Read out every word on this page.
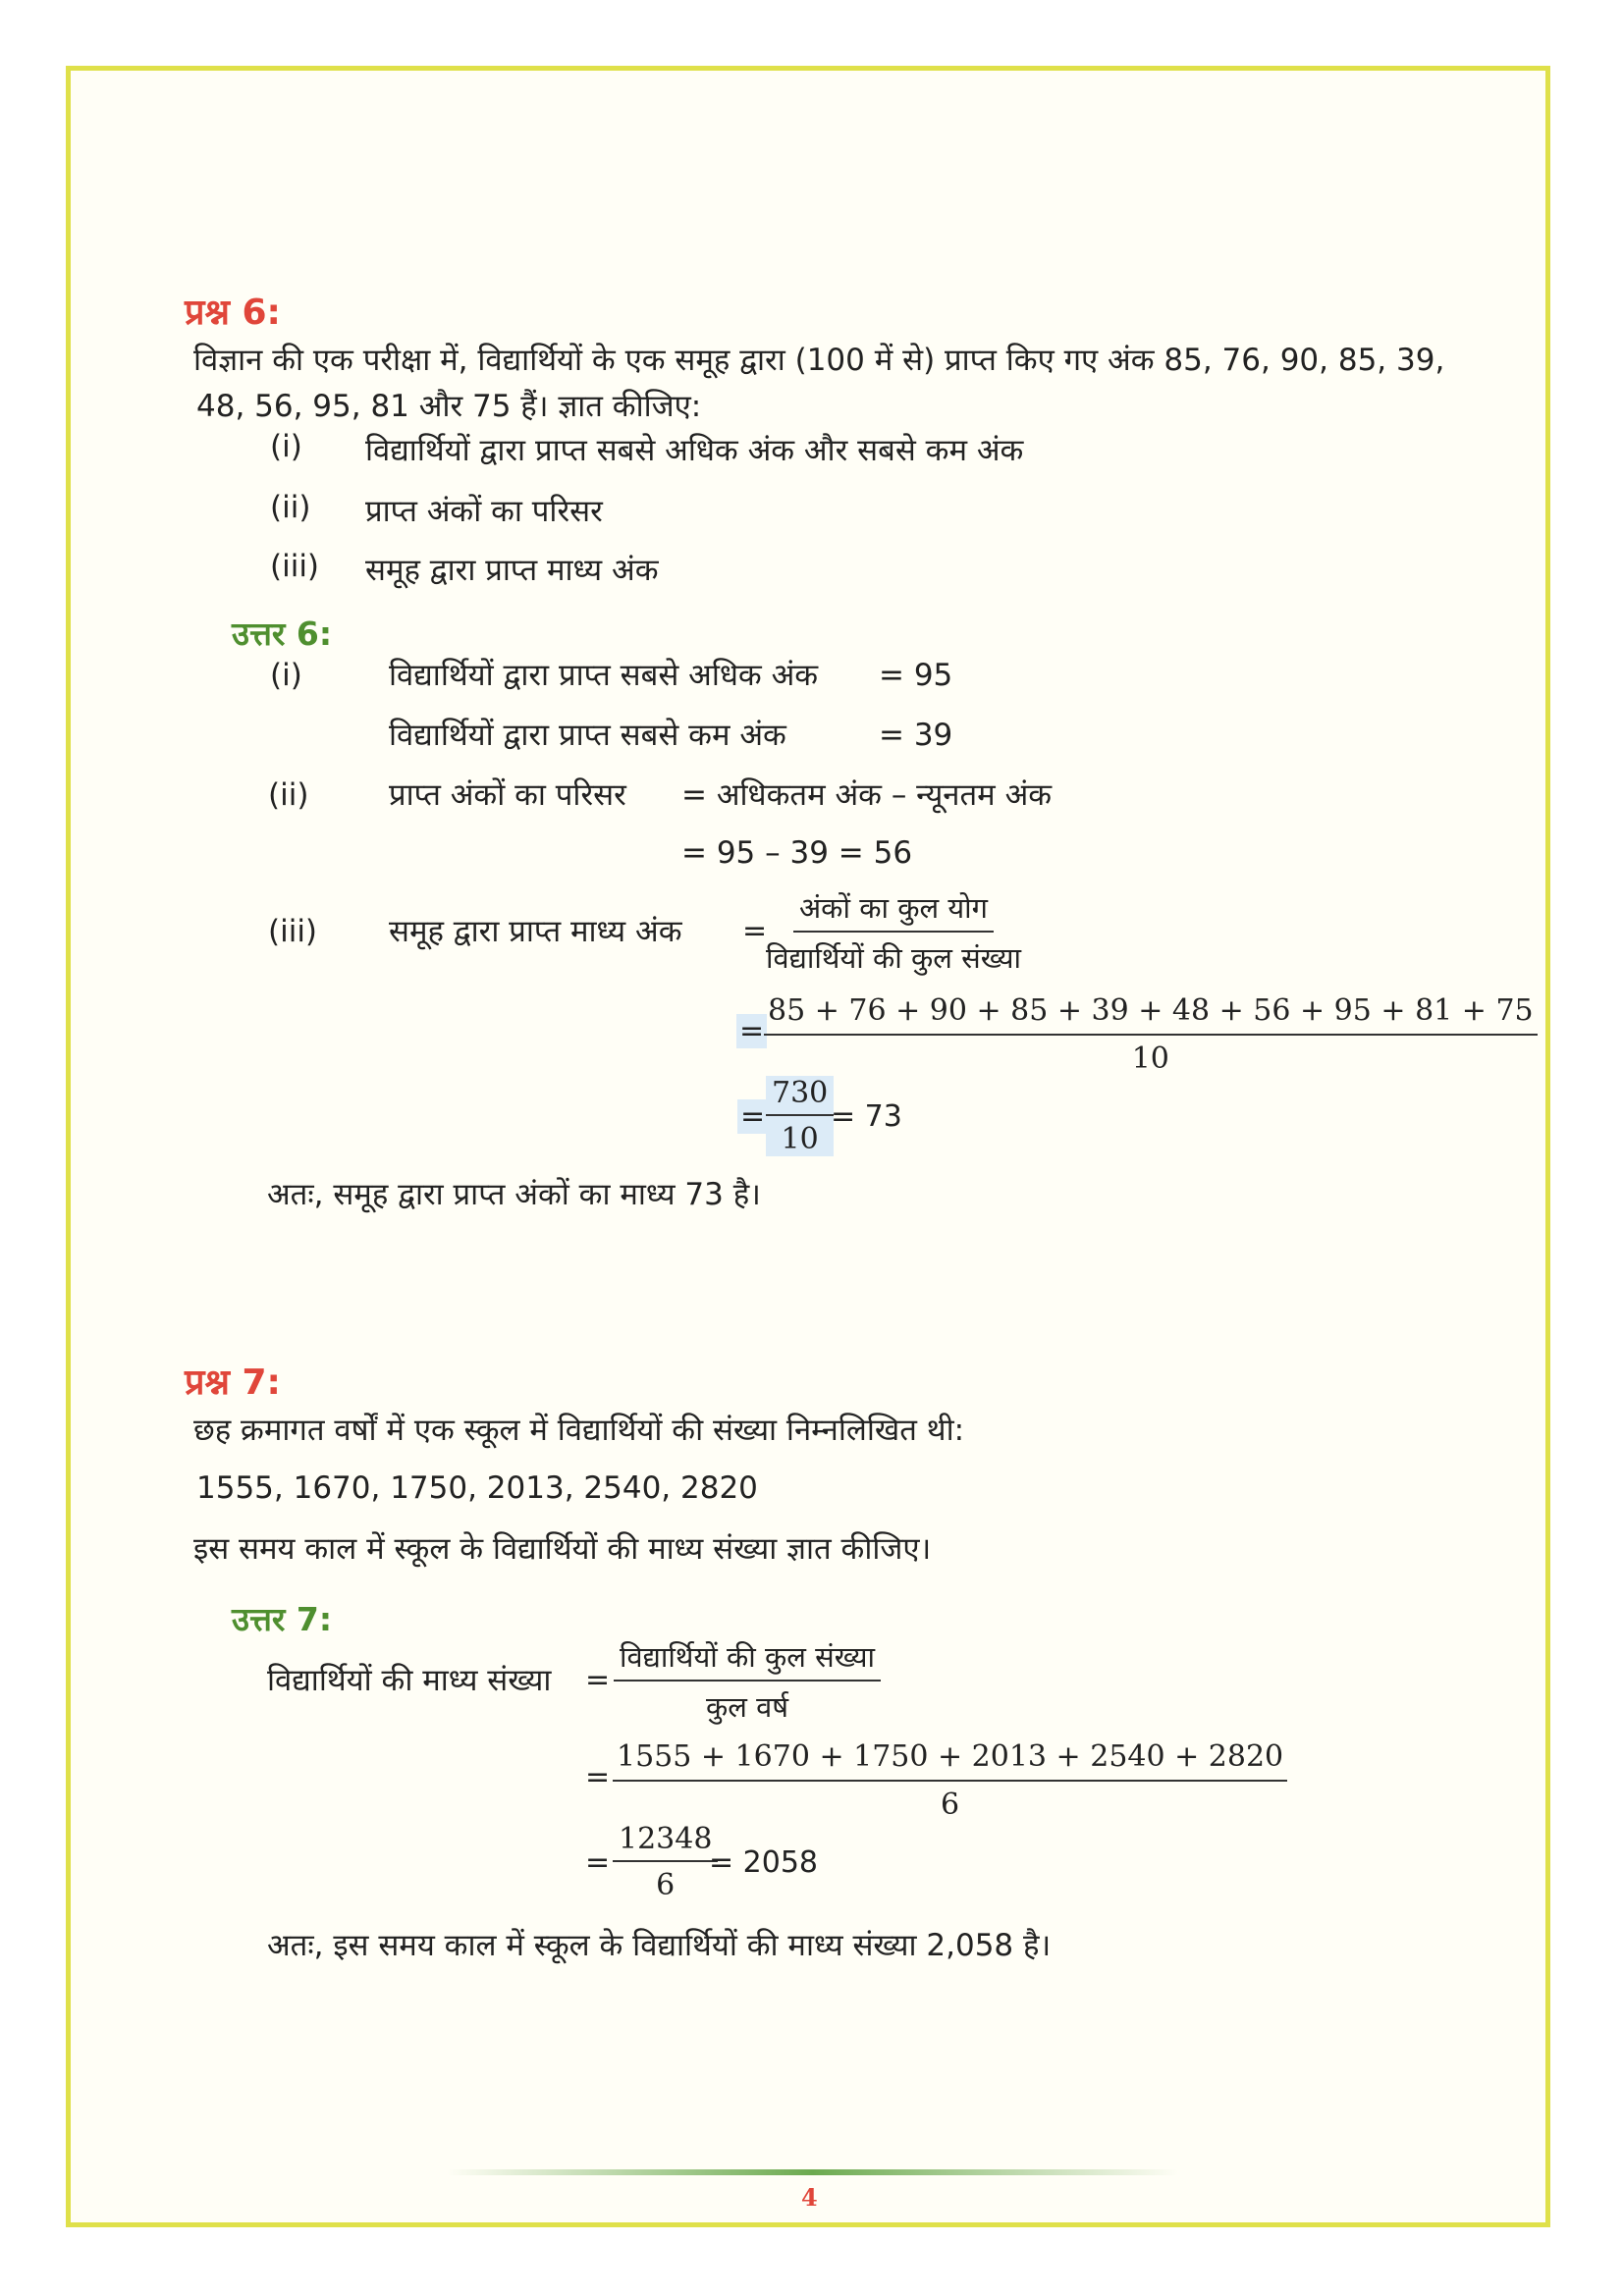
प्रश्न 6:
विज्ञान की एक परीक्षा में, विद्यार्थियों के एक समूह द्वारा (100 में से) प्राप्त किए गए अंक 85, 76, 90, 85, 39,
48, 56, 95, 81 और 75 हैं। ज्ञात कीजिए:
(i) विद्यार्थियों द्वारा प्राप्त सबसे अधिक अंक और सबसे कम अंक
(ii) प्राप्त अंकों का परिसर
(iii) समूह द्वारा प्राप्त माध्य अंक
उत्तर 6:
(i)	विद्यार्थियों द्वारा प्राप्त सबसे अधिक अंक = 95
विद्यार्थियों द्वारा प्राप्त सबसे कम अंक	= 39
(ii)	प्राप्त अंकों का परिसर = अधिकतम अंक – न्यूनतम अंक
= 95 – 39 = 56
(iii) समूह द्वारा प्राप्त माध्य अंक =
अंकों का कुल योग
विद्यार्थियों की कुल संख्या
= $\frac{85 + 76 + 90 + 85 + 39 + 48 + 56 + 95 + 81 + 75}{10}$
= $\frac{730}{10}$
= 73
अतः, समूह द्वारा प्राप्त अंकों का माध्य 73 है।
प्रश्न 7:
छह क्रमागत वर्षों में एक स्कूल में विद्यार्थियों की संख्या निम्नलिखित थी:
1555, 1670, 1750, 2013, 2540, 2820
इस समय काल में स्कूल के विद्यार्थियों की माध्य संख्या ज्ञात कीजिए।
उत्तर 7:
विद्यार्थियों की माध्य संख्या =
विद्यार्थियों की कुल संख्या
कुल वर्ष
= $\frac{1555 + 1670 + 1750 + 2013 + 2540 + 2820}{6}$
= $\frac{12348}{6}$
= 2058
अतः, इस समय काल में स्कूल के विद्यार्थियों की माध्य संख्या 2,058 है।
4
